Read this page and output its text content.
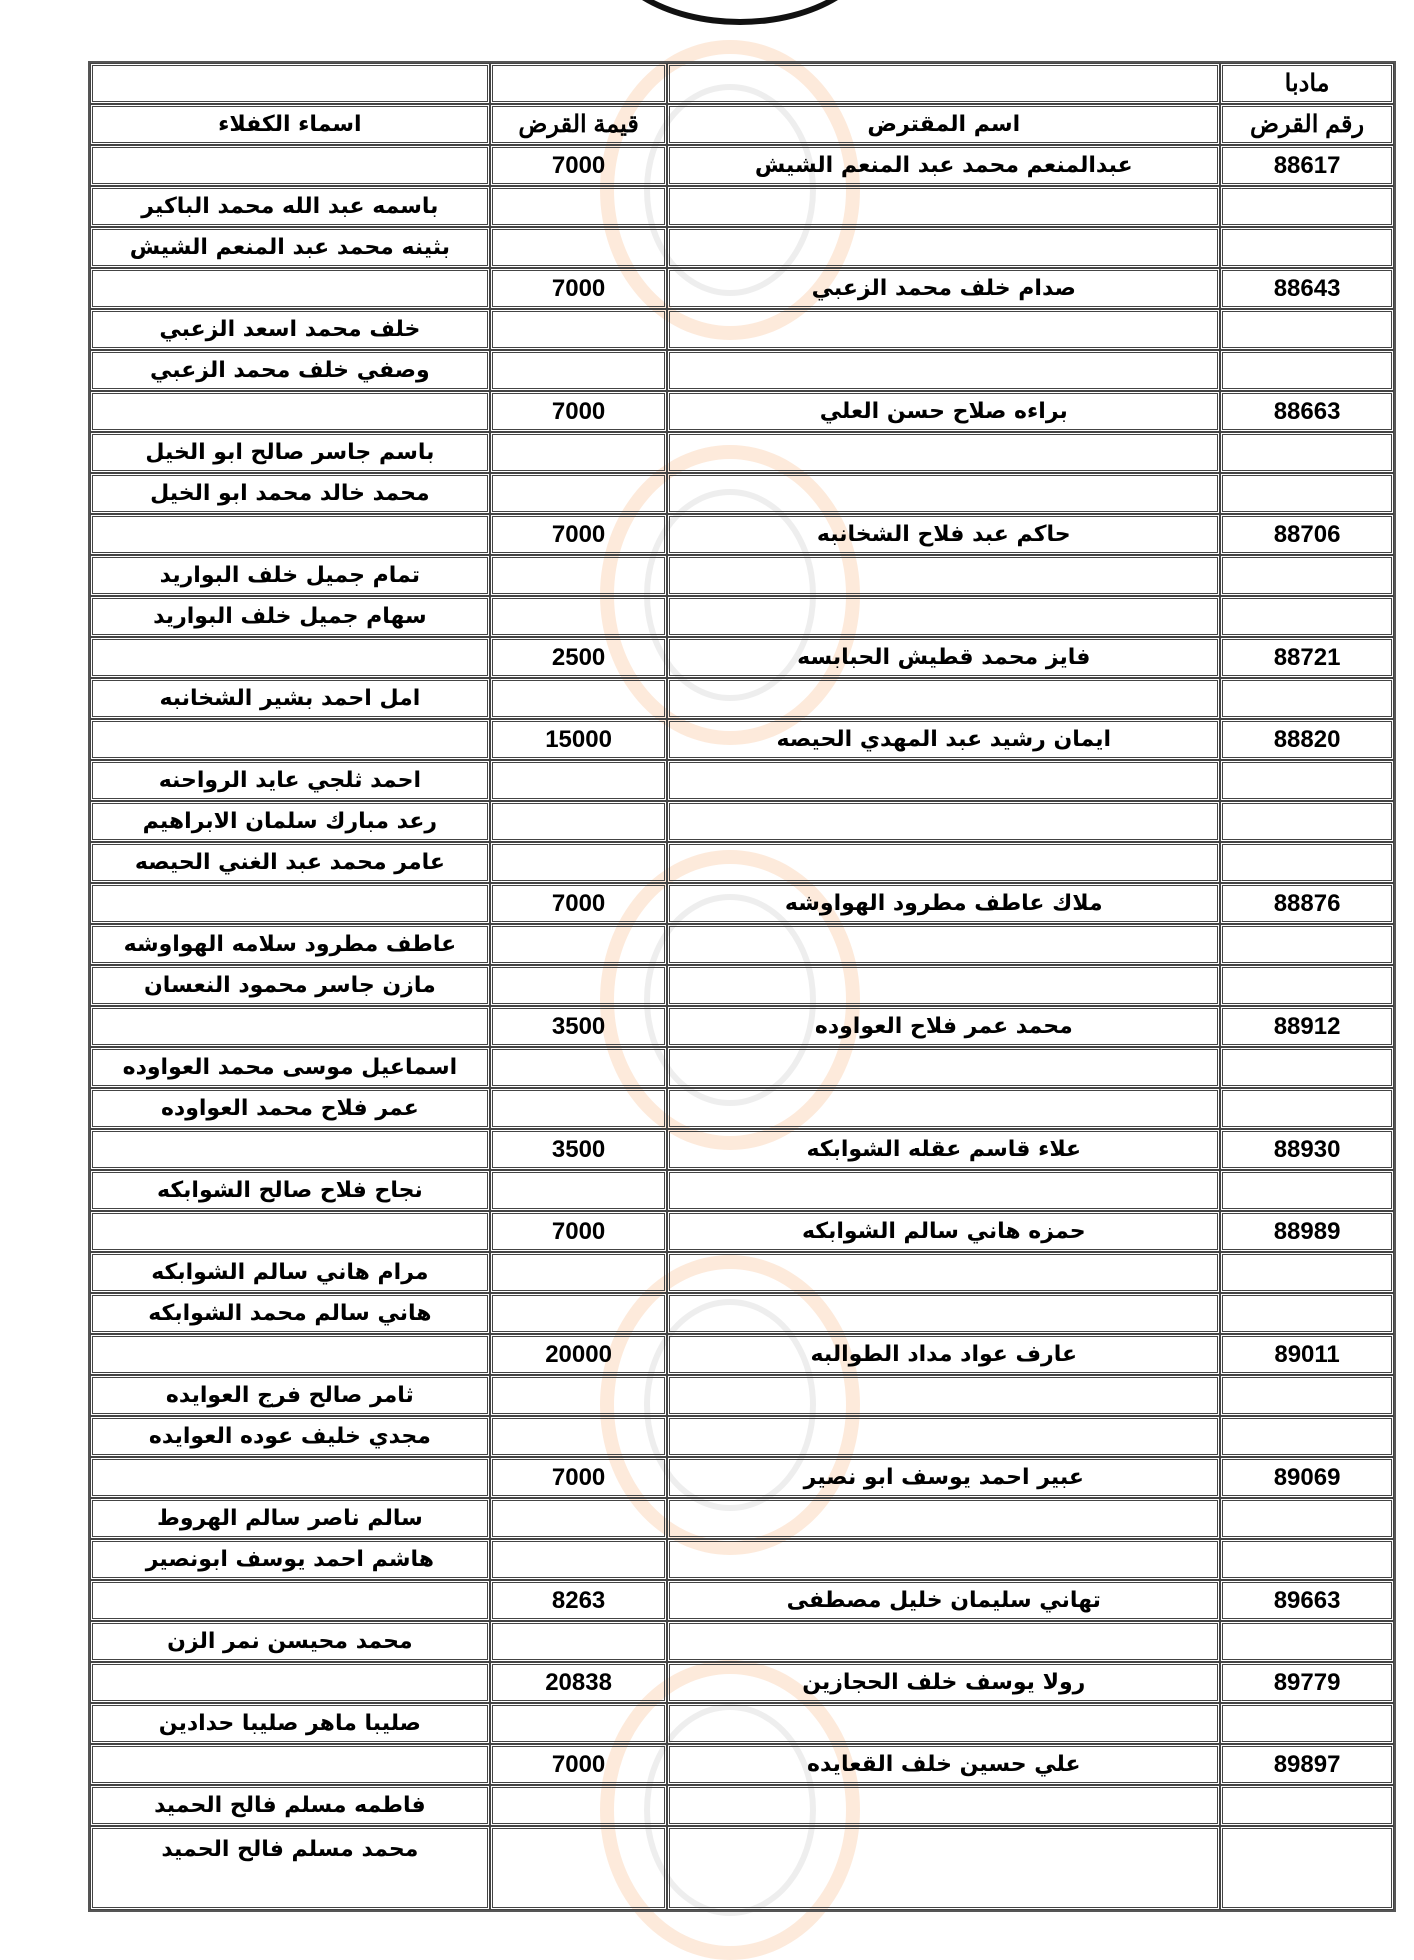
مادبا			
رقم القرض	اسم المقترض	قيمة القرض	اسماء الكفلاء
88617	عبدالمنعم محمد عبد المنعم الشيش	7000	
			باسمه عبد الله محمد الباكير
			بثينه محمد عبد المنعم الشيش
88643	صدام خلف محمد الزعبي	7000	
			خلف محمد اسعد الزعبي
			وصفي خلف محمد الزعبي
88663	براءه صلاح حسن العلي	7000	
			باسم جاسر صالح ابو الخيل
			محمد خالد محمد ابو الخيل
88706	حاكم عبد فلاح الشخانبه	7000	
			تمام جميل خلف البواريد
			سهام جميل خلف البواريد
88721	فايز محمد قطيش الحبابسه	2500	
			امل احمد بشير الشخانبه
88820	ايمان رشيد عبد المهدي الحيصه	15000	
			احمد ثلجي عايد الرواحنه
			رعد مبارك سلمان الابراهيم
			عامر محمد عبد الغني الحيصه
88876	ملاك عاطف مطرود الهواوشه	7000	
			عاطف مطرود سلامه الهواوشه
			مازن جاسر محمود النعسان
88912	محمد عمر فلاح العواوده	3500	
			اسماعيل موسى محمد العواوده
			عمر فلاح محمد العواوده
88930	علاء قاسم عقله الشوابكه	3500	
			نجاح فلاح صالح الشوابكه
88989	حمزه هاني سالم الشوابكه	7000	
			مرام هاني سالم الشوابكه
			هاني سالم محمد الشوابكه
89011	عارف عواد مداد الطوالبه	20000	
			ثامر صالح فرج العوايده
			مجدي خليف عوده العوايده
89069	عبير احمد يوسف ابو نصير	7000	
			سالم ناصر سالم الهروط
			هاشم احمد يوسف ابونصير
89663	تهاني سليمان خليل مصطفى	8263	
			محمد محيسن نمر الزن
89779	رولا يوسف خلف الحجازين	20838	
			صليبا ماهر صليبا حدادين
89897	علي حسين خلف القعايده	7000	
			فاطمه مسلم فالح الحميد
			محمد مسلم فالح الحميد
